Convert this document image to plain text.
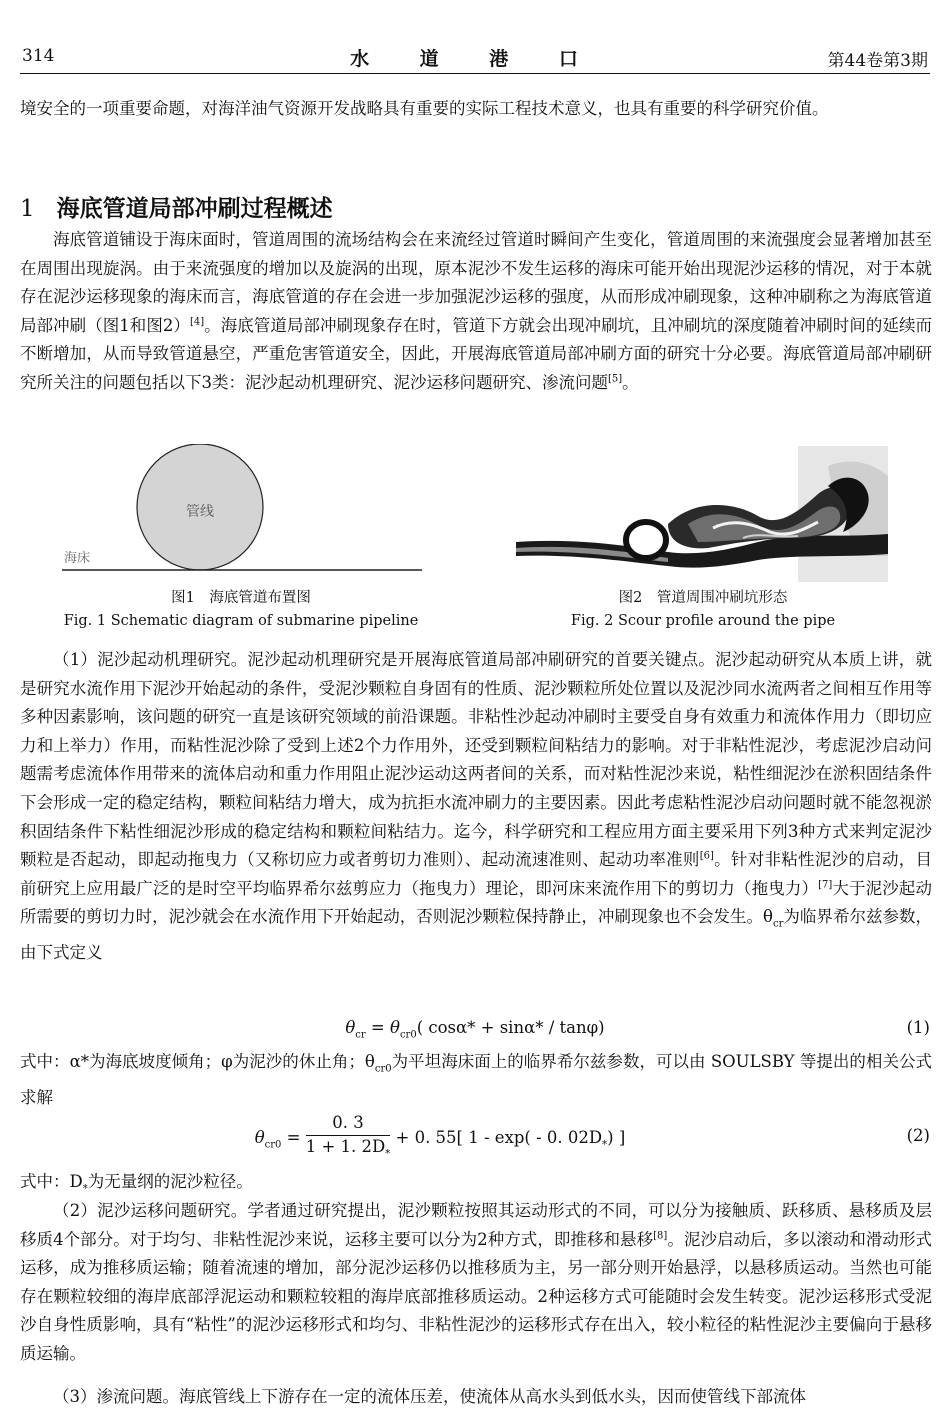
314	水 道 港 口	第44卷第3期

境安全的一项重要命题，对海洋油气资源开发战略具有重要的实际工程技术意义，也具有重要的科学研究价值。

1 海底管道局部冲刷过程概述

海底管道铺设于海床面时，管道周围的流场结构会在来流经过管道时瞬间产生变化，管道周围的来流强度会显著增加甚至在周围出现旋涡。由于来流强度的增加以及旋涡的出现，原本泥沙不发生运移的海床可能开始出现泥沙运移的情况，对于本就存在泥沙运移现象的海床而言，海底管道的存在会进一步加强泥沙运移的强度，从而形成冲刷现象，这种冲刷称之为海底管道局部冲刷（图1和图2）[4]。海底管道局部冲刷现象存在时，管道下方就会出现冲刷坑，且冲刷坑的深度随着冲刷时间的延续而不断增加，从而导致管道悬空，严重危害管道安全，因此，开展海底管道局部冲刷方面的研究十分必要。海底管道局部冲刷研究所关注的问题包括以下3类：泥沙起动机理研究、泥沙运移问题研究、渗流问题[5]。

管线
海床
图1　海底管道布置图
Fig. 1 Schematic diagram of submarine pipeline
图2　管道周围冲刷坑形态
Fig. 2 Scour profile around the pipe

（1）泥沙起动机理研究。泥沙起动机理研究是开展海底管道局部冲刷研究的首要关键点。泥沙起动研究从本质上讲，就是研究水流作用下泥沙开始起动的条件，受泥沙颗粒自身固有的性质、泥沙颗粒所处位置以及泥沙同水流两者之间相互作用等多种因素影响，该问题的研究一直是该研究领域的前沿课题。非粘性沙起动冲刷时主要受自身有效重力和流体作用力（即切应力和上举力）作用，而粘性泥沙除了受到上述2个力作用外，还受到颗粒间粘结力的影响。对于非粘性泥沙，考虑泥沙启动问题需考虑流体作用带来的流体启动和重力作用阻止泥沙运动这两者间的关系，而对粘性泥沙来说，粘性细泥沙在淤积固结条件下会形成一定的稳定结构，颗粒间粘结力增大，成为抗拒水流冲刷力的主要因素。因此考虑粘性泥沙启动问题时就不能忽视淤积固结条件下粘性细泥沙形成的稳定结构和颗粒间粘结力。迄今，科学研究和工程应用方面主要采用下列3种方式来判定泥沙颗粒是否起动，即起动拖曳力（又称切应力或者剪切力准则）、起动流速准则、起动功率准则[6]。针对非粘性泥沙的启动，目前研究上应用最广泛的是时空平均临界希尔兹剪应力（拖曳力）理论，即河床来流作用下的剪切力（拖曳力）[7]大于泥沙起动所需要的剪切力时，泥沙就会在水流作用下开始起动，否则泥沙颗粒保持静止，冲刷现象也不会发生。$\theta_{cr}$为临界希尔兹参数，由下式定义

$\theta_{cr} = \theta_{cr0}$( cosα* + sinα* / tanφ)	(1)

式中：α*为海底坡度倾角；φ为泥沙的休止角；$\theta_{cr0}$为平坦海床面上的临界希尔兹参数，可以由 SOULSBY 等提出的相关公式求解

$\theta_{cr0} = \frac{0. 3}{1 + 1. 2D_*} + 0$. 55[ 1 - exp( - 0. $02D_*$) ]	(2)

式中：$D_*$为无量纲的泥沙粒径。

（2）泥沙运移问题研究。学者通过研究提出，泥沙颗粒按照其运动形式的不同，可以分为接触质、跃移质、悬移质及层移质4个部分。对于均匀、非粘性泥沙来说，运移主要可以分为2种方式，即推移和悬移[8]。泥沙启动后，多以滚动和滑动形式运移，成为推移质运输；随着流速的增加，部分泥沙运移仍以推移质为主，另一部分则开始悬浮，以悬移质运动。当然也可能存在颗粒较细的海岸底部浮泥运动和颗粒较粗的海岸底部推移质运动。2种运移方式可能随时会发生转变。泥沙运移形式受泥沙自身性质影响，具有“粘性”的泥沙运移形式和均匀、非粘性泥沙的运移形式存在出入，较小粒径的粘性泥沙主要偏向于悬移质运输。

（3）渗流问题。海底管线上下游存在一定的流体压差，使流体从高水头到低水头，因而使管线下部流体
